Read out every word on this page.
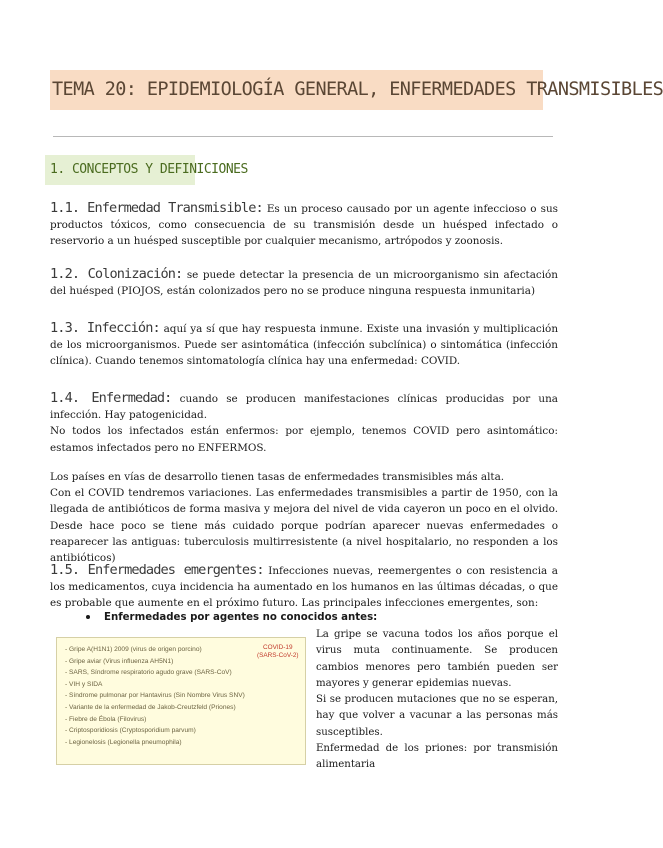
TEMA 20: EPIDEMIOLOGÍA GENERAL, ENFERMEDADES TRANSMISIBLES
1. CONCEPTOS Y DEFINICIONES

1.1. Enfermedad Transmisible: Es un proceso causado por un agente infeccioso o sus productos tóxicos, como consecuencia de su transmisión desde un huésped infectado o reservorio a un huésped susceptible por cualquier mecanismo, artrópodos y zoonosis.

1.2. Colonización: se puede detectar la presencia de un microorganismo sin afectación del huésped (PIOJOS, están colonizados pero no se produce ninguna respuesta inmunitaria)

1.3. Infección: aquí ya sí que hay respuesta inmune. Existe una invasión y multiplicación de los microorganismos. Puede ser asintomática (infección subclínica) o sintomática (infección clínica). Cuando tenemos sintomatología clínica hay una enfermedad: COVID.

1.4. Enfermedad: cuando se producen manifestaciones clínicas producidas por una infección. Hay patogenicidad.
No todos los infectados están enfermos: por ejemplo, tenemos COVID pero asintomático: estamos infectados pero no ENFERMOS.

Los países en vías de desarrollo tienen tasas de enfermedades transmisibles más alta.
Con el COVID tendremos variaciones. Las enfermedades transmisibles a partir de 1950, con la llegada de antibióticos de forma masiva y mejora del nivel de vida cayeron un poco en el olvido. Desde hace poco se tiene más cuidado porque podrían aparecer nuevas enfermedades o reaparecer las antiguas: tuberculosis multirresistente (a nivel hospitalario, no responden a los antibióticos)

1.5. Enfermedades emergentes: Infecciones nuevas, reemergentes o con resistencia a los medicamentos, cuya incidencia ha aumentado en los humanos en las últimas décadas, o que es probable que aumente en el próximo futuro. Las principales infecciones emergentes, son:

Enfermedades por agentes no conocidos antes:
- Gripe A(H1N1) 2009 (virus de origen porcino)
- Gripe aviar (Virus influenza AH5N1)
- SARS, Síndrome respiratorio agudo grave (SARS-CoV)
- VIH y SIDA
- Síndrome pulmonar por Hantavirus (Sin Nombre Virus SNV)
- Variante de la enfermedad de Jakob-Creutzfeld (Priones)
- Fiebre de Ébola (Filovirus)
- Criptosporidiosis (Cryptosporidium parvum)
- Legionelosis (Legionella pneumophila)
COVID-19
(SARS-CoV-2)

La gripe se vacuna todos los años porque el virus muta continuamente. Se producen cambios menores pero también pueden ser mayores y generar epidemias nuevas.
Si se producen mutaciones que no se esperan, hay que volver a vacunar a las personas más susceptibles.
Enfermedad de los priones: por transmisión alimentaria
